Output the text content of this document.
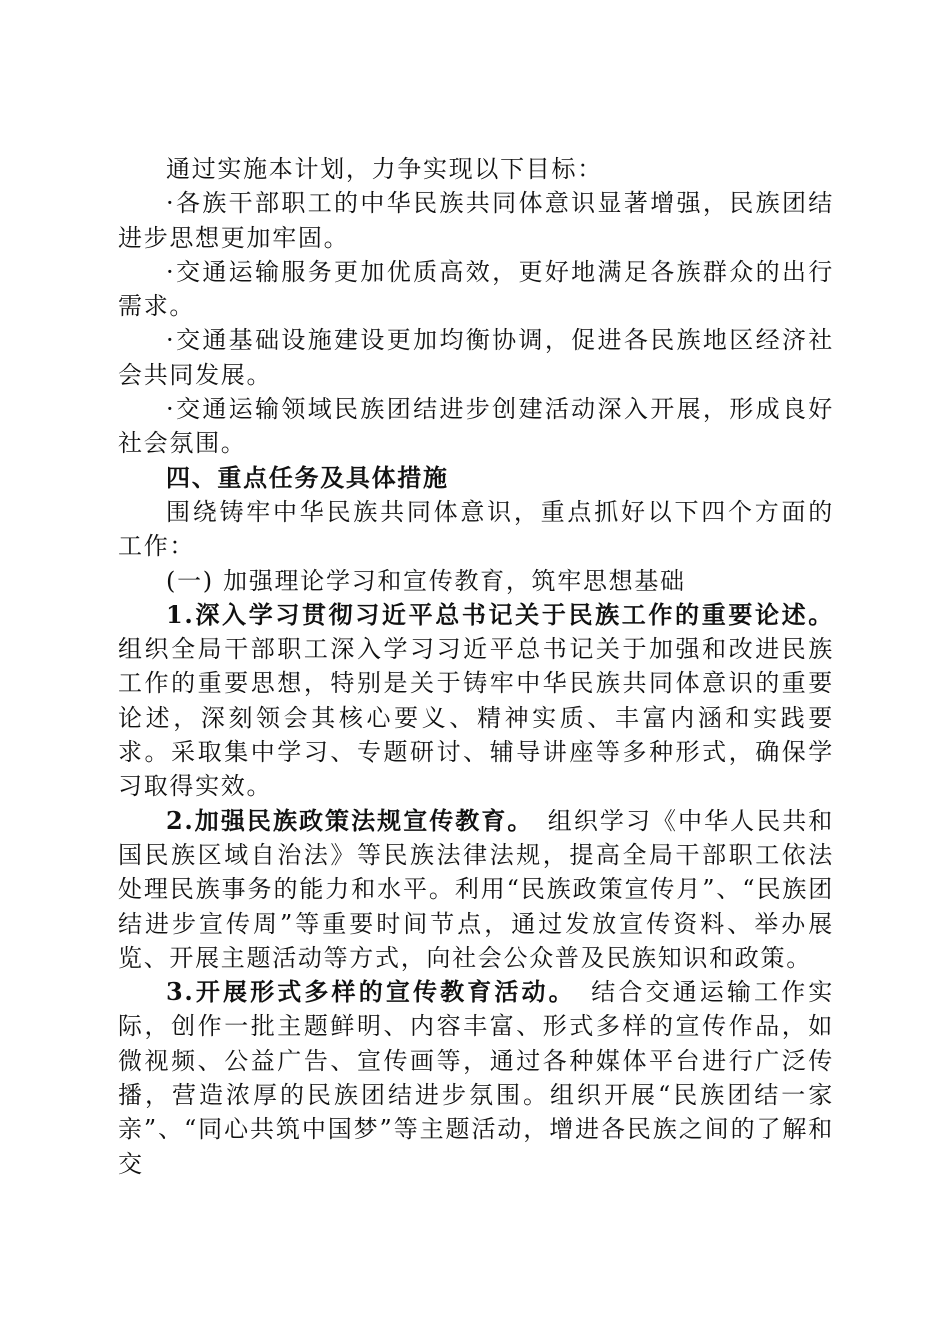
通过实施本计划，力争实现以下目标：

·各族干部职工的中华民族共同体意识显著增强，民族团结进步思想更加牢固。

·交通运输服务更加优质高效，更好地满足各族群众的出行需求。

·交通基础设施建设更加均衡协调，促进各民族地区经济社会共同发展。

·交通运输领域民族团结进步创建活动深入开展，形成良好社会氛围。

四、重点任务及具体措施

围绕铸牢中华民族共同体意识，重点抓好以下四个方面的工作：

(一) 加强理论学习和宣传教育，筑牢思想基础

1.深入学习贯彻习近平总书记关于民族工作的重要论述。组织全局干部职工深入学习习近平总书记关于加强和改进民族工作的重要思想，特别是关于铸牢中华民族共同体意识的重要论述，深刻领会其核心要义、精神实质、丰富内涵和实践要求。采取集中学习、专题研讨、辅导讲座等多种形式，确保学习取得实效。

2.加强民族政策法规宣传教育。 组织学习《中华人民共和国民族区域自治法》等民族法律法规，提高全局干部职工依法处理民族事务的能力和水平。利用“民族政策宣传月”、“民族团结进步宣传周”等重要时间节点，通过发放宣传资料、举办展览、开展主题活动等方式，向社会公众普及民族知识和政策。

3.开展形式多样的宣传教育活动。 结合交通运输工作实际，创作一批主题鲜明、内容丰富、形式多样的宣传作品，如微视频、公益广告、宣传画等，通过各种媒体平台进行广泛传播，营造浓厚的民族团结进步氛围。组织开展“民族团结一家亲”、“同心共筑中国梦”等主题活动，增进各民族之间的了解和交
